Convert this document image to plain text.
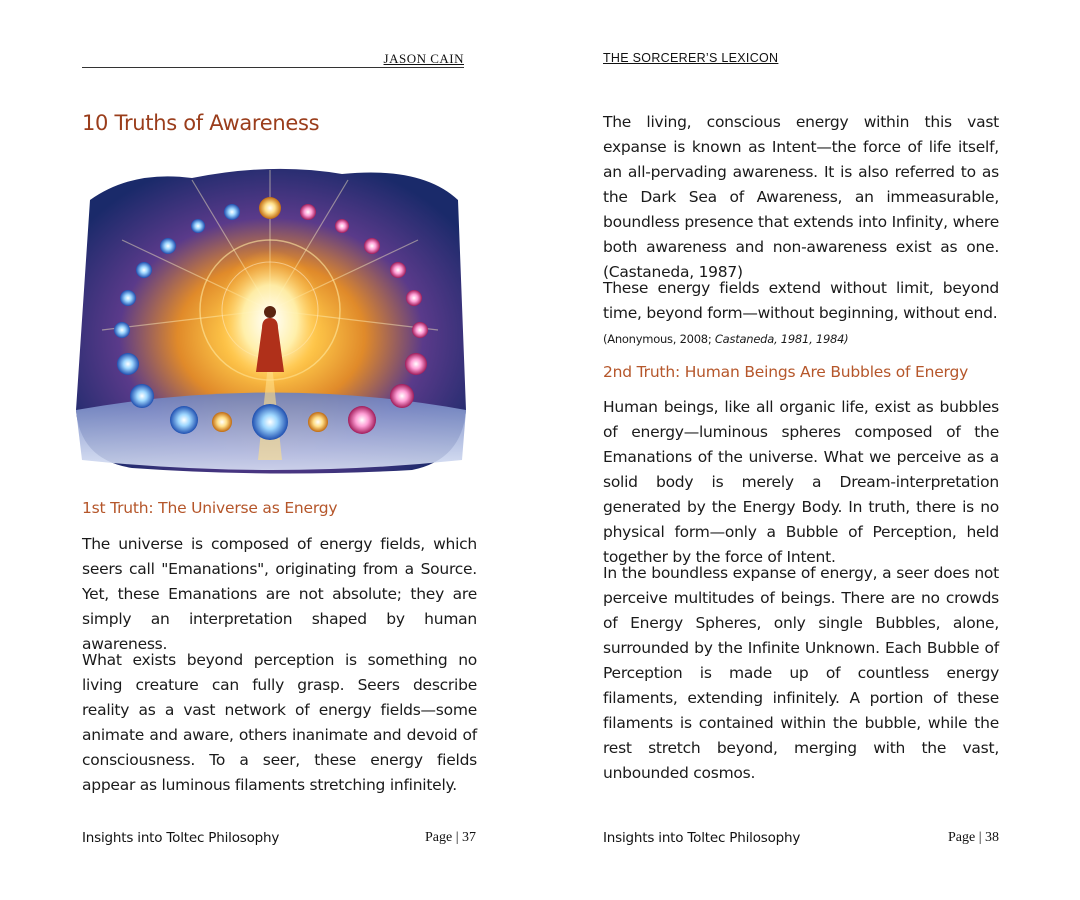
JASON CAIN
10 Truths of Awareness
1st Truth: The Universe as Energy

The universe is composed of energy fields, which seers call "Emanations", originating from a Source. Yet, these Emanations are not absolute; they are simply an interpretation shaped by human awareness.

What exists beyond perception is something no living creature can fully grasp. Seers describe reality as a vast network of energy fields—some animate and aware, others inanimate and devoid of consciousness. To a seer, these energy fields appear as luminous filaments stretching infinitely.

Insights into Toltec Philosophy	Page | 37
THE SORCERER’S LEXICON

The living, conscious energy within this vast expanse is known as Intent—the force of life itself, an all-pervading awareness. It is also referred to as the Dark Sea of Awareness, an immeasurable, boundless presence that extends into Infinity, where both awareness and non-awareness exist as one. (Castaneda, 1987)

These energy fields extend without limit, beyond time, beyond form—without beginning, without end.
(Anonymous, 2008; Castaneda, 1981, 1984)

2nd Truth: Human Beings Are Bubbles of Energy

Human beings, like all organic life, exist as bubbles of energy—luminous spheres composed of the Emanations of the universe. What we perceive as a solid body is merely a Dream-interpretation generated by the Energy Body. In truth, there is no physical form—only a Bubble of Perception, held together by the force of Intent.

In the boundless expanse of energy, a seer does not perceive multitudes of beings. There are no crowds of Energy Spheres, only single Bubbles, alone, surrounded by the Infinite Unknown. Each Bubble of Perception is made up of countless energy filaments, extending infinitely. A portion of these filaments is contained within the bubble, while the rest stretch beyond, merging with the vast, unbounded cosmos.

Insights into Toltec Philosophy	Page | 38
